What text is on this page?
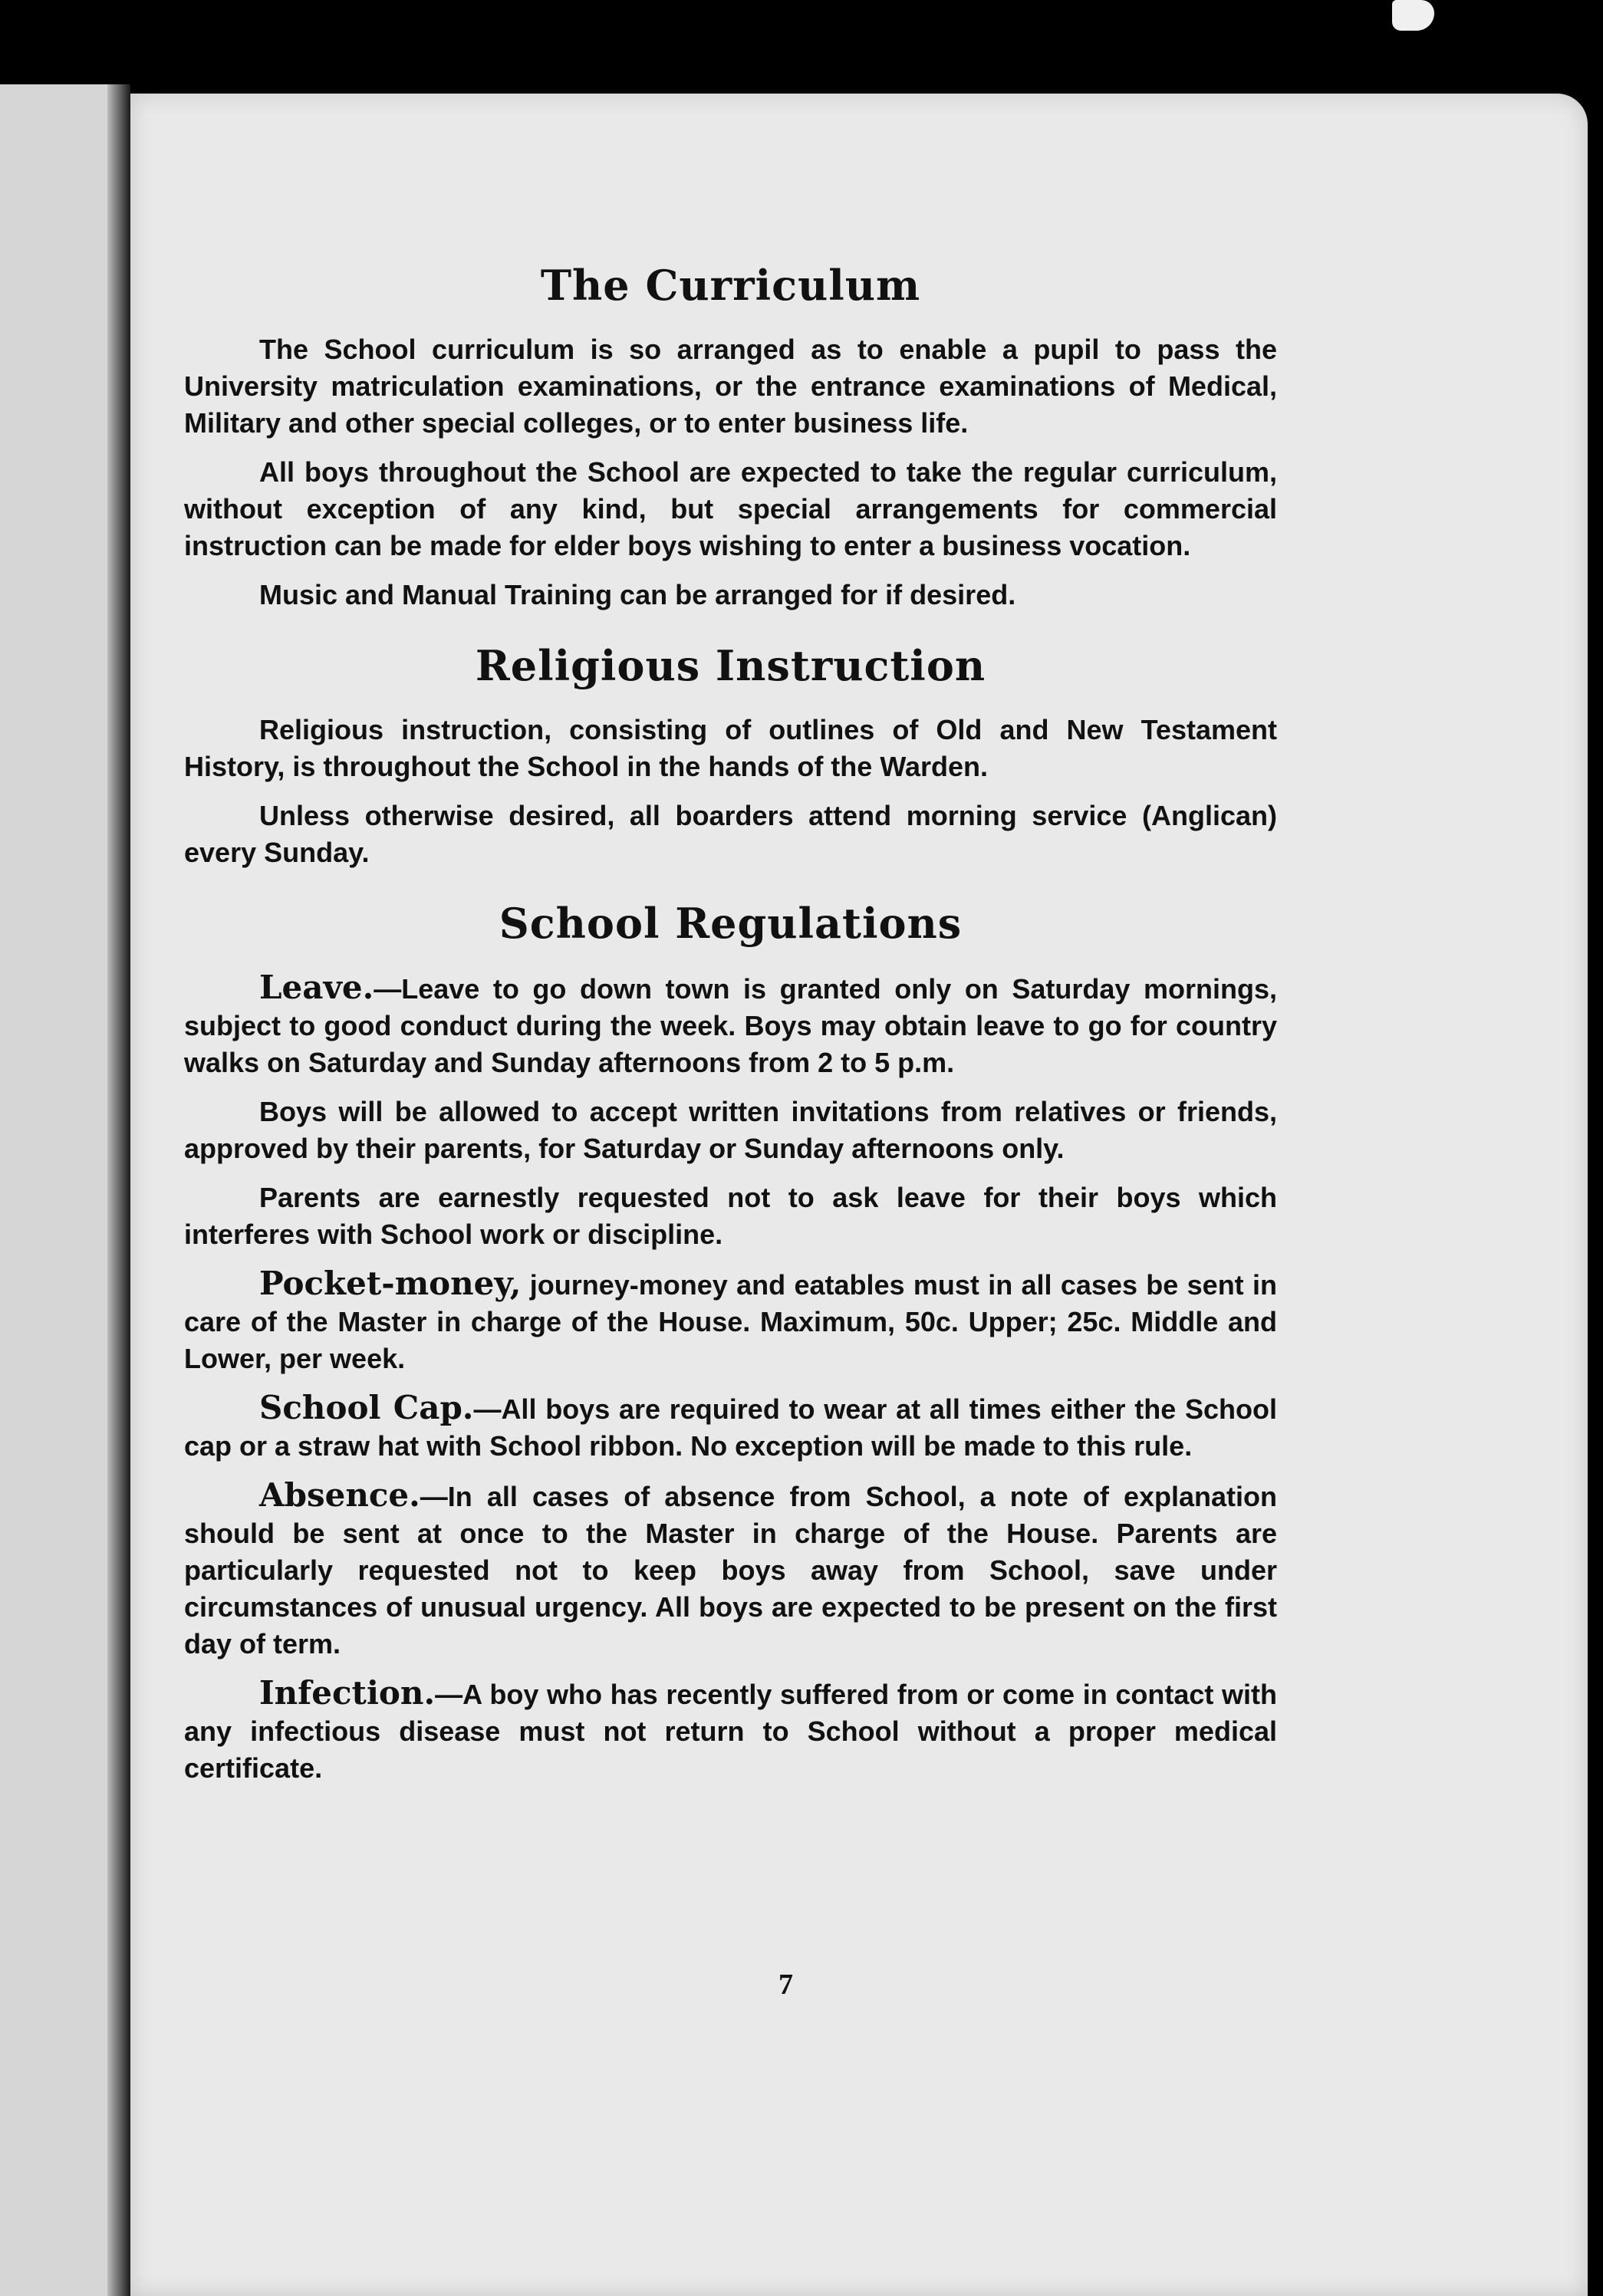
The Curriculum

The School curriculum is so arranged as to enable a pupil to pass the University matriculation examinations, or the entrance examinations of Medical, Military and other special colleges, or to enter business life.

All boys throughout the School are expected to take the regular curriculum, without exception of any kind, but special arrangements for commercial instruction can be made for elder boys wishing to enter a business vocation.

Music and Manual Training can be arranged for if desired.

Religious Instruction

Religious instruction, consisting of outlines of Old and New Testament History, is throughout the School in the hands of the Warden.

Unless otherwise desired, all boarders attend morning service (Anglican) every Sunday.

School Regulations

Leave.—Leave to go down town is granted only on Saturday mornings, subject to good conduct during the week. Boys may obtain leave to go for country walks on Saturday and Sunday afternoons from 2 to 5 p.m.

Boys will be allowed to accept written invitations from relatives or friends, approved by their parents, for Saturday or Sunday afternoons only.

Parents are earnestly requested not to ask leave for their boys which interferes with School work or discipline.

Pocket-money, journey-money and eatables must in all cases be sent in care of the Master in charge of the House. Maximum, 50c. Upper; 25c. Middle and Lower, per week.

School Cap.—All boys are required to wear at all times either the School cap or a straw hat with School ribbon. No exception will be made to this rule.

Absence.—In all cases of absence from School, a note of explanation should be sent at once to the Master in charge of the House. Parents are particularly requested not to keep boys away from School, save under circumstances of unusual urgency. All boys are expected to be present on the first day of term.

Infection.—A boy who has recently suffered from or come in contact with any infectious disease must not return to School without a proper medical certificate.

7
